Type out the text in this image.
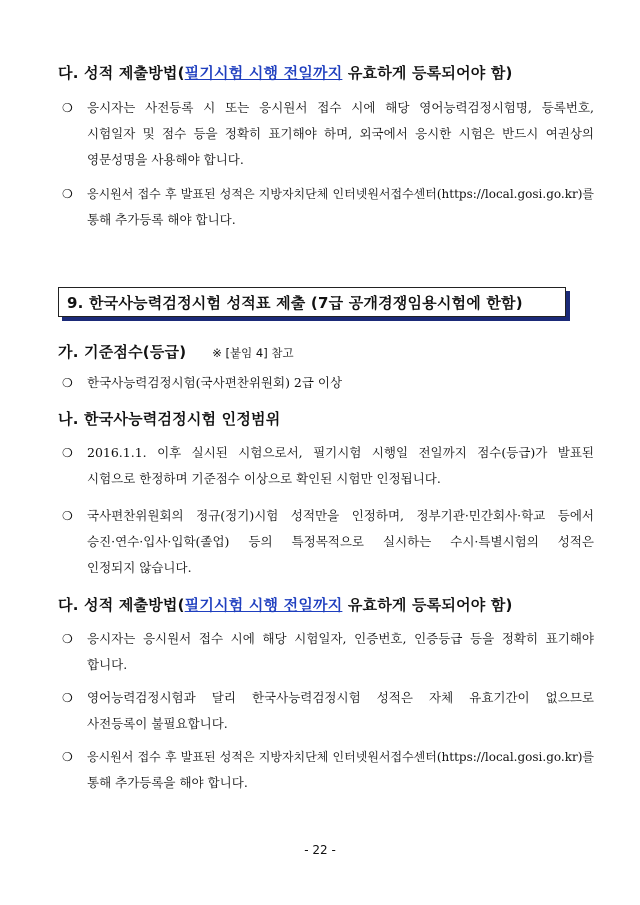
다. 성적 제출방법(필기시험 시행 전일까지 유효하게 등록되어야 함)
❍	응시자는 사전등록 시 또는 응시원서 접수 시에 해당 영어능력검정시험명, 등록번호,
시험일자 및 점수 등을 정확히 표기해야 하며, 외국에서 응시한 시험은 반드시 여권상의
영문성명을 사용해야 합니다.
❍	응시원서 접수 후 발표된 성적은 지방자치단체 인터넷원서접수센터(https://local.gosi.go.kr)를
통해 추가등록 해야 합니다.
9. 한국사능력검정시험 성적표 제출 (7급 공개경쟁임용시험에 한함)
가. 기준점수(등급) ※ [붙임 4] 참고
❍	한국사능력검정시험(국사편찬위원회) 2급 이상
나. 한국사능력검정시험 인정범위
❍	2016.1.1. 이후 실시된 시험으로서, 필기시험 시행일 전일까지 점수(등급)가 발표된
시험으로 한정하며 기준점수 이상으로 확인된 시험만 인정됩니다.
❍	국사편찬위원회의 정규(정기)시험 성적만을 인정하며, 정부기관·민간회사·학교 등에서
승진·연수·입사·입학(졸업) 등의 특정목적으로 실시하는 수시·특별시험의 성적은
인정되지 않습니다.
다. 성적 제출방법(필기시험 시행 전일까지 유효하게 등록되어야 함)
❍	응시자는 응시원서 접수 시에 해당 시험일자, 인증번호, 인증등급 등을 정확히 표기해야
합니다.
❍	영어능력검정시험과 달리 한국사능력검정시험 성적은 자체 유효기간이 없으므로
사전등록이 불필요합니다.
❍	응시원서 접수 후 발표된 성적은 지방자치단체 인터넷원서접수센터(https://local.gosi.go.kr)를
통해 추가등록을 해야 합니다.
- 22 -
